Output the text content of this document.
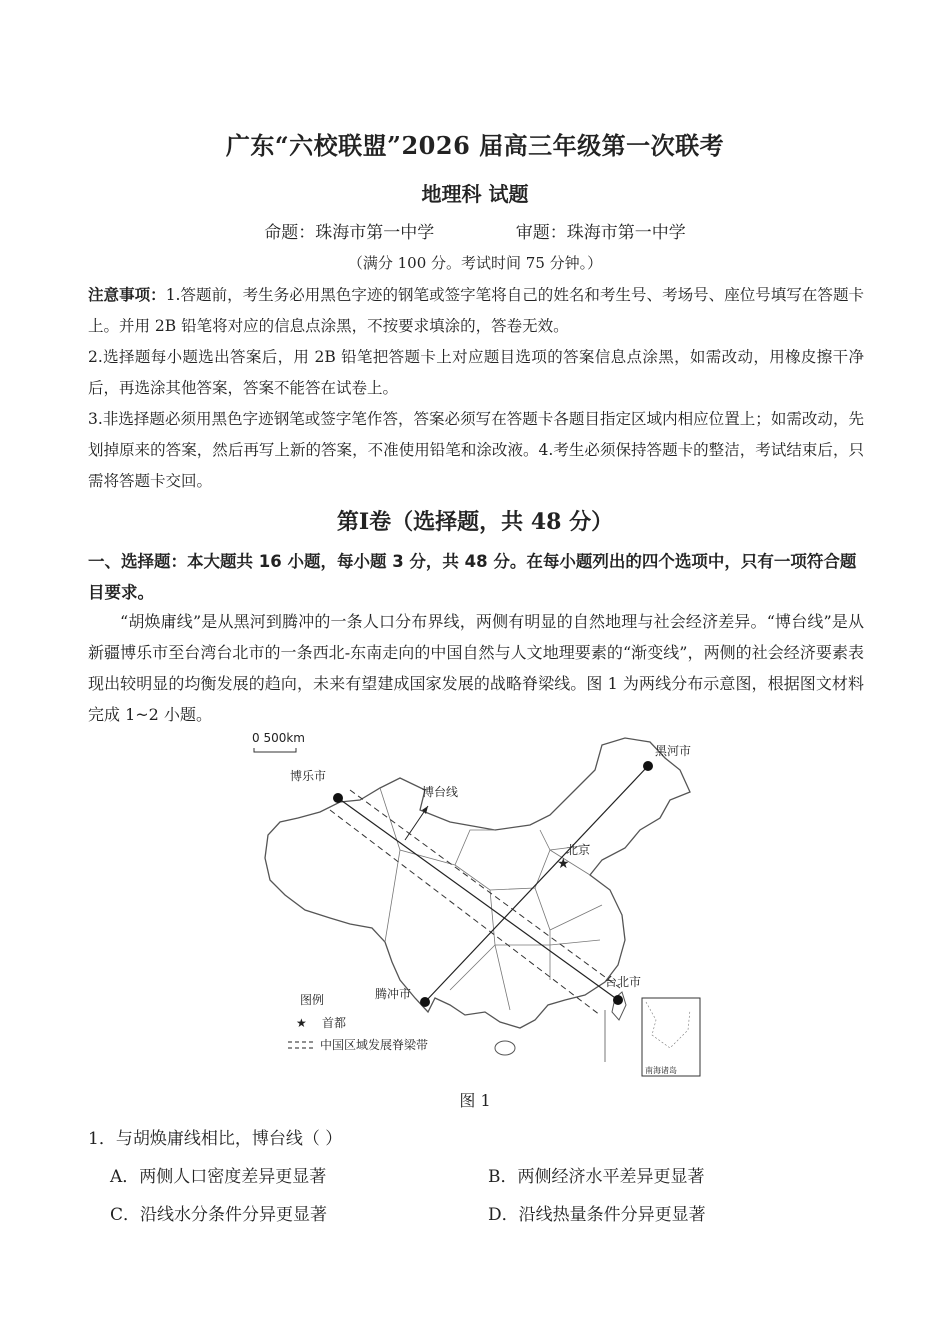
广东“六校联盟”2026 届高三年级第一次联考
地理科 试题
命题：珠海市第一中学	审题：珠海市第一中学
（满分 100 分。考试时间 75 分钟。）

注意事项：1.答题前，考生务必用黑色字迹的钢笔或签字笔将自己的姓名和考生号、考场号、座位号填写在答题卡上。并用 2B 铅笔将对应的信息点涂黑，不按要求填涂的，答卷无效。

2.选择题每小题选出答案后，用 2B 铅笔把答题卡上对应题目选项的答案信息点涂黑，如需改动，用橡皮擦干净后，再选涂其他答案，答案不能答在试卷上。

3.非选择题必须用黑色字迹钢笔或签字笔作答，答案必须写在答题卡各题目指定区域内相应位置上；如需改动，先划掉原来的答案，然后再写上新的答案，不准使用铅笔和涂改液。4.考生必须保持答题卡的整洁，考试结束后，只需将答题卡交回。

第Ⅰ卷（选择题，共 48 分）
一、选择题：本大题共 16 小题，每小题 3 分，共 48 分。在每小题列出的四个选项中，只有一项符合题目要求。

“胡焕庸线”是从黑河到腾冲的一条人口分布界线，两侧有明显的自然地理与社会经济差异。“博台线”是从新疆博乐市至台湾台北市的一条西北-东南走向的中国自然与人文地理要素的“渐变线”，两侧的社会经济要素表现出较明显的均衡发展的趋向，未来有望建成国家发展的战略脊梁线。图 1 为两线分布示意图，根据图文材料完成 1~2 小题。

0 500km
★
博乐市
博台线
黑河市
北京
腾冲市
台北市
图例
★ 首都
中国区域发展脊梁带
南海诸岛
图 1
1．与胡焕庸线相比，博台线（ ）
A．两侧人口密度差异更显著	B．两侧经济水平差异更显著
C．沿线水分条件分异更显著	D．沿线热量条件分异更显著
